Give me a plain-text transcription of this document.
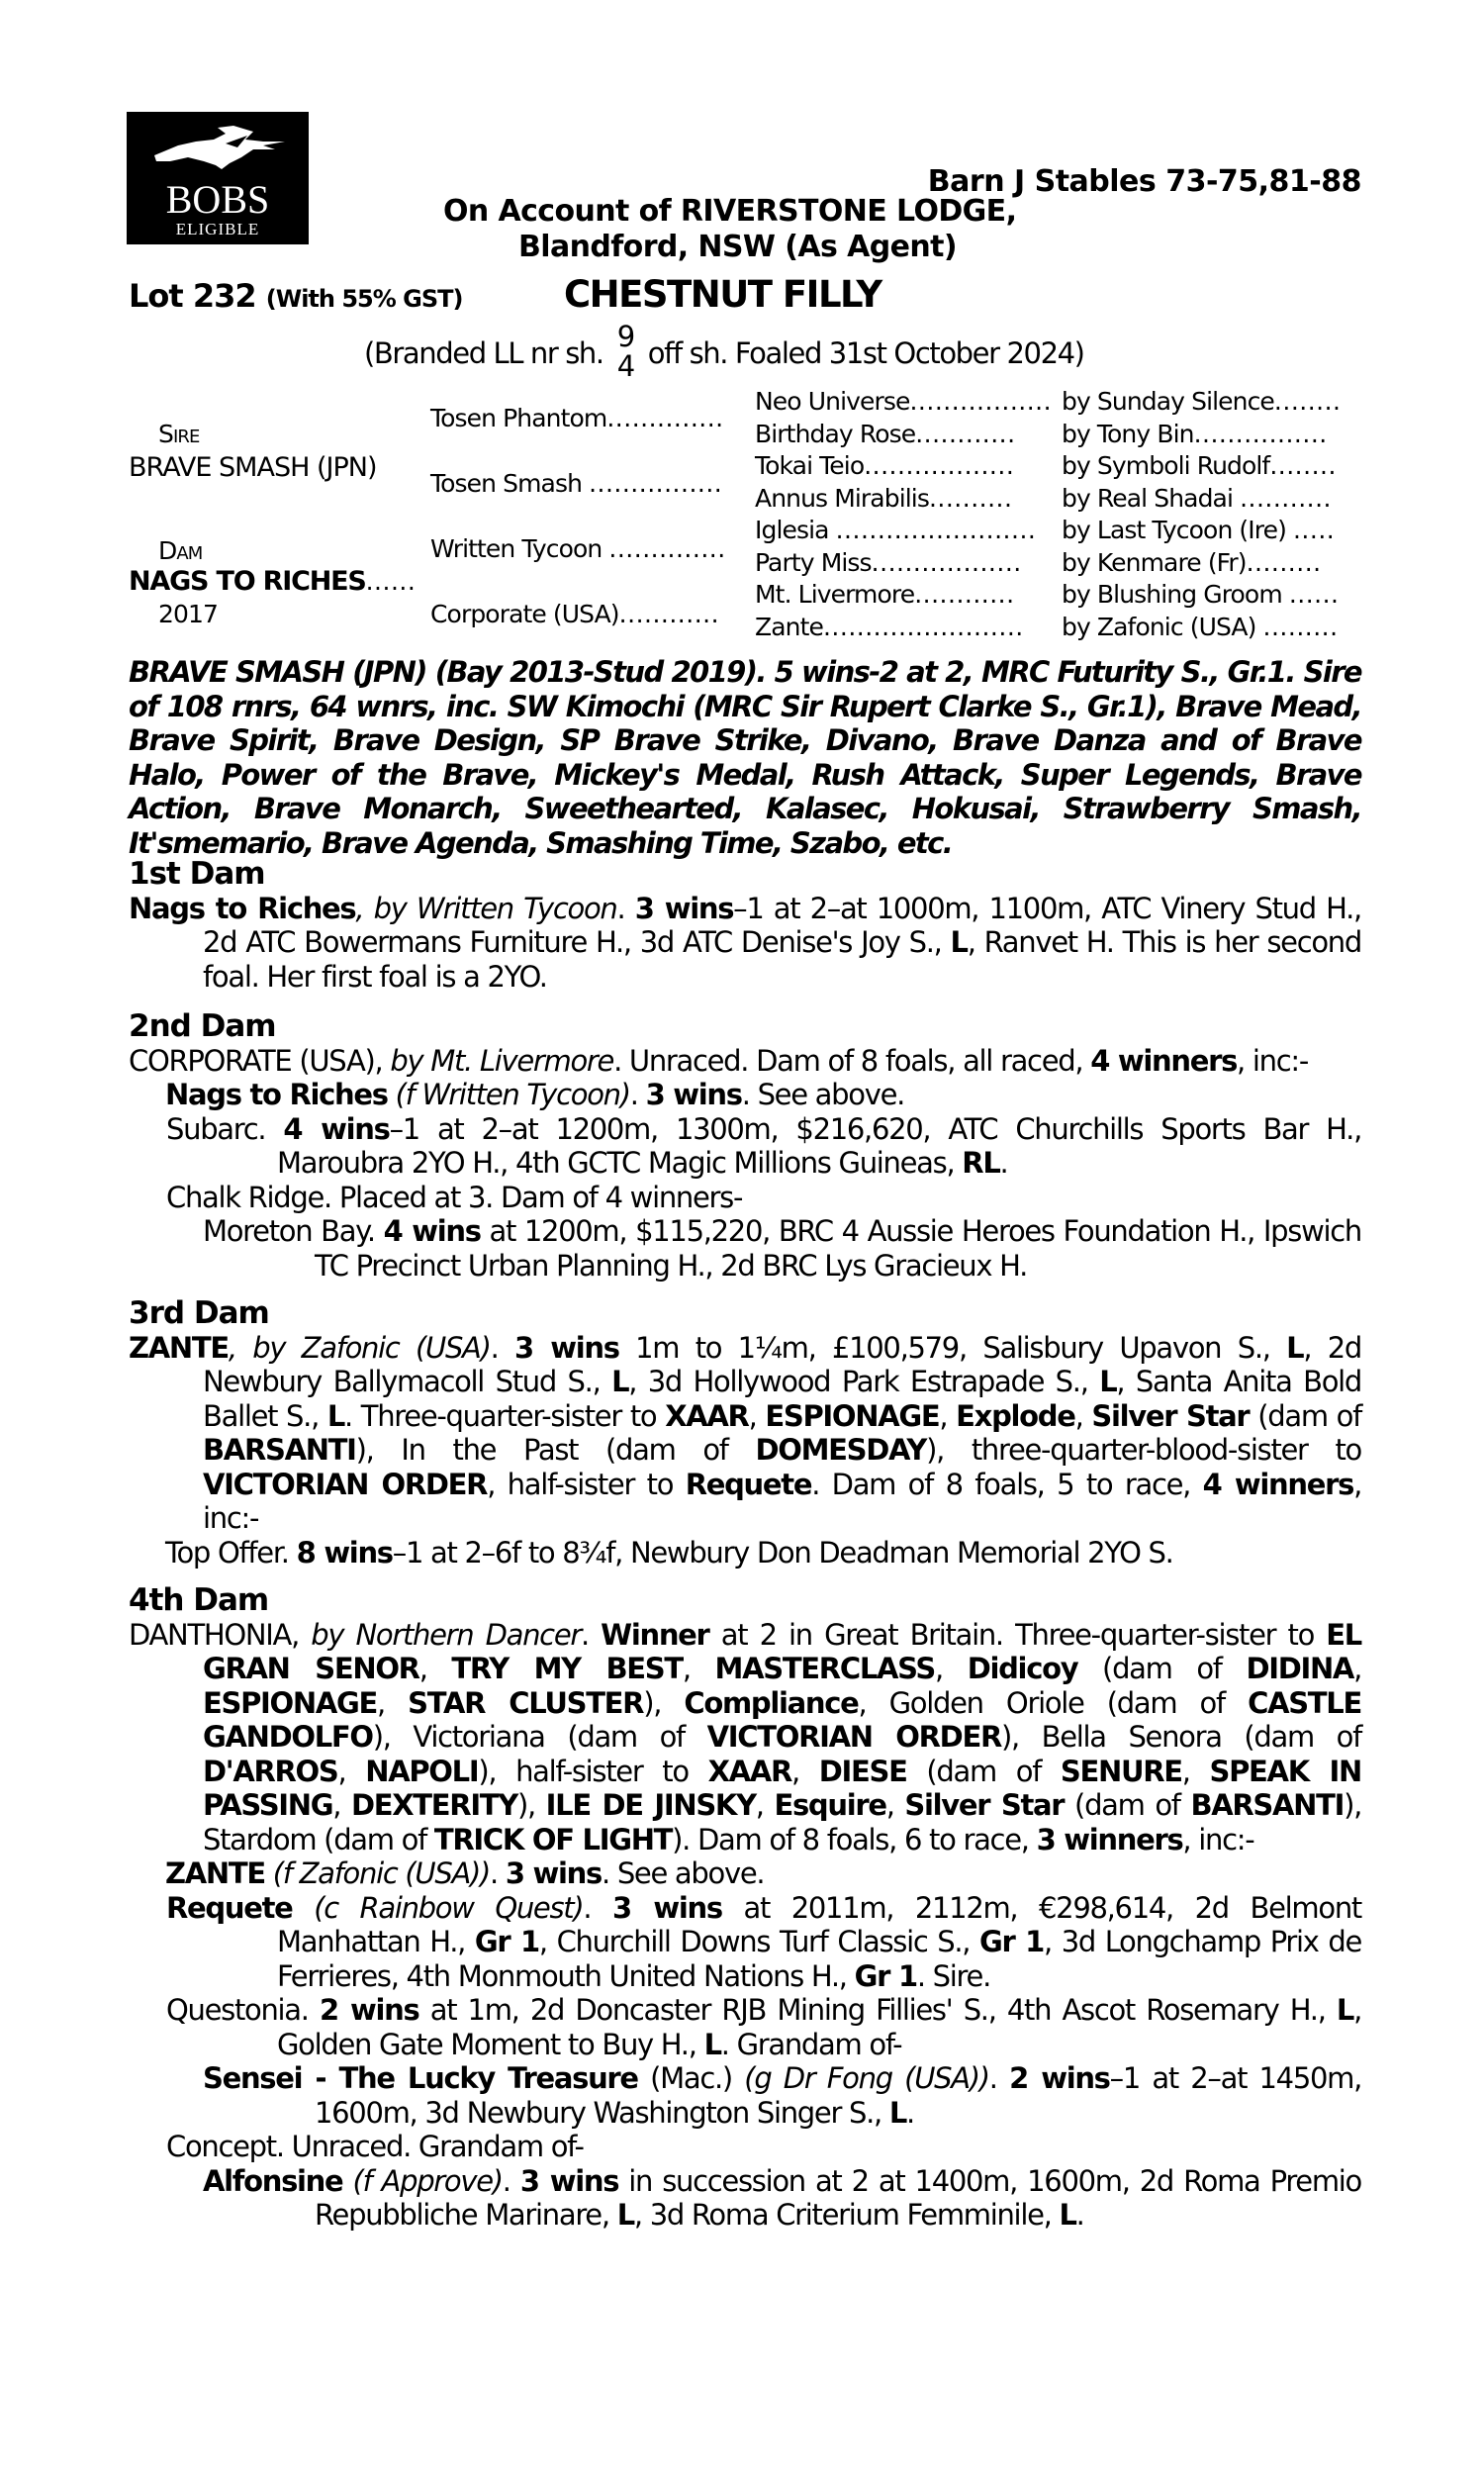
BOBS
ELIGIBLE
Barn J Stables 73-75,81-88
On Account of RIVERSTONE LODGE,
Blandford, NSW (As Agent)
Lot 232 (With 55% GST)	CHESTNUT FILLY
(Branded LL nr sh. 9
4 off sh. Foaled 31st October 2024)
Sire
BRAVE SMASH (JPN)
Dam
NAGS TO RICHES......
2017
Tosen Phantom..............
Tosen Smash ................
Written Tycoon ..............
Corporate (USA)............
Neo Universe.................
Birthday Rose............
Tokai Teio..................
Annus Mirabilis..........
Iglesia ........................
Party Miss..................
Mt. Livermore............
Zante........................
by Sunday Silence........
by Tony Bin................
by Symboli Rudolf........
by Real Shadai ...........
by Last Tycoon (Ire) .....
by Kenmare (Fr).........
by Blushing Groom ......
by Zafonic (USA) .........
BRAVE SMASH (JPN) (Bay 2013-Stud 2019). 5 wins-2 at 2, MRC Futurity S., Gr.1. Sire of 108 rnrs, 64 wnrs, inc. SW Kimochi (MRC Sir Rupert Clarke S., Gr.1), Brave Mead, Brave Spirit, Brave Design, SP Brave Strike, Divano, Brave Danza and of Brave Halo, Power of the Brave, Mickey's Medal, Rush Attack, Super Legends, Brave Action, Brave Monarch, Sweethearted, Kalasec, Hokusai, Strawberry Smash, It'smemario, Brave Agenda, Smashing Time, Szabo, etc.
1st Dam
Nags to Riches, by Written Tycoon. 3 wins–1 at 2–at 1000m, 1100m, ATC Vinery Stud H., 2d ATC Bowermans Furniture H., 3d ATC Denise's Joy S., L, Ranvet H. This is her second foal. Her first foal is a 2YO.
2nd Dam
CORPORATE (USA), by Mt. Livermore. Unraced. Dam of 8 foals, all raced, 4 winners, inc:-
Nags to Riches (f Written Tycoon). 3 wins. See above.
Subarc. 4 wins–1 at 2–at 1200m, 1300m, $216,620, ATC Churchills Sports Bar H., Maroubra 2YO H., 4th GCTC Magic Millions Guineas, RL.
Chalk Ridge. Placed at 3. Dam of 4 winners-
Moreton Bay. 4 wins at 1200m, $115,220, BRC 4 Aussie Heroes Foundation H., Ipswich TC Precinct Urban Planning H., 2d BRC Lys Gracieux H.
3rd Dam
ZANTE, by Zafonic (USA). 3 wins 1m to 1¼m, £100,579, Salisbury Upavon S., L, 2d Newbury Ballymacoll Stud S., L, 3d Hollywood Park Estrapade S., L, Santa Anita Bold Ballet S., L. Three-quarter-sister to XAAR, ESPIONAGE, Explode, Silver Star (dam of BARSANTI), In the Past (dam of DOMESDAY), three-quarter-blood-sister to VICTORIAN ORDER, half-sister to Requete. Dam of 8 foals, 5 to race, 4 winners, inc:-
Top Offer. 8 wins–1 at 2–6f to 8¾f, Newbury Don Deadman Memorial 2YO S.
4th Dam
DANTHONIA, by Northern Dancer. Winner at 2 in Great Britain. Three-quarter-sister to EL GRAN SENOR, TRY MY BEST, MASTERCLASS, Didicoy (dam of DIDINA, ESPIONAGE, STAR CLUSTER), Compliance, Golden Oriole (dam of CASTLE GANDOLFO), Victoriana (dam of VICTORIAN ORDER), Bella Senora (dam of D'ARROS, NAPOLI), half-sister to XAAR, DIESE (dam of SENURE, SPEAK IN PASSING, DEXTERITY), ILE DE JINSKY, Esquire, Silver Star (dam of BARSANTI), Stardom (dam of TRICK OF LIGHT). Dam of 8 foals, 6 to race, 3 winners, inc:-
ZANTE (f Zafonic (USA)). 3 wins. See above.
Requete (c Rainbow Quest). 3 wins at 2011m, 2112m, €298,614, 2d Belmont Manhattan H., Gr 1, Churchill Downs Turf Classic S., Gr 1, 3d Longchamp Prix de Ferrieres, 4th Monmouth United Nations H., Gr 1. Sire.
Questonia. 2 wins at 1m, 2d Doncaster RJB Mining Fillies' S., 4th Ascot Rosemary H., L, Golden Gate Moment to Buy H., L. Grandam of-
Sensei - The Lucky Treasure (Mac.) (g Dr Fong (USA)). 2 wins–1 at 2–at 1450m, 1600m, 3d Newbury Washington Singer S., L.
Concept. Unraced. Grandam of-
Alfonsine (f Approve). 3 wins in succession at 2 at 1400m, 1600m, 2d Roma Premio Repubbliche Marinare, L, 3d Roma Criterium Femminile, L.
